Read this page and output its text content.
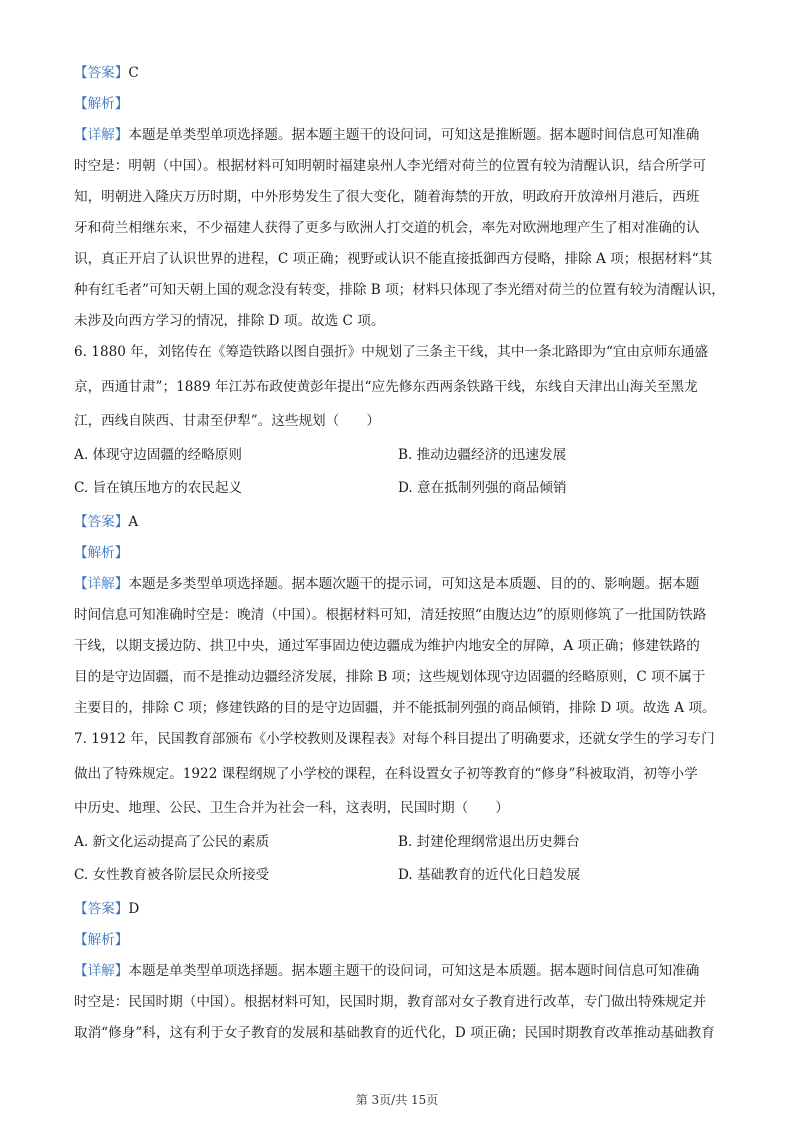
【答案】C
【解析】
【详解】本题是单类型单项选择题。据本题主题干的设问词，可知这是推断题。据本题时间信息可知准确
时空是：明朝（中国）。根据材料可知明朝时福建泉州人李光缙对荷兰的位置有较为清醒认识，结合所学可
知，明朝进入隆庆万历时期，中外形势发生了很大变化，随着海禁的开放，明政府开放漳州月港后，西班
牙和荷兰相继东来，不少福建人获得了更多与欧洲人打交道的机会，率先对欧洲地理产生了相对准确的认
识，真正开启了认识世界的进程，C 项正确；视野或认识不能直接抵御西方侵略，排除 A 项；根据材料“其
种有红毛者”可知天朝上国的观念没有转变，排除 B 项；材料只体现了李光缙对荷兰的位置有较为清醒认识，
未涉及向西方学习的情况，排除 D 项。故选 C 项。
6. 1880 年，刘铭传在《筹造铁路以图自强折》中规划了三条主干线，其中一条北路即为“宜由京师东通盛
京，西通甘肃”；1889 年江苏布政使黄彭年提出“应先修东西两条铁路干线，东线自天津出山海关至黑龙
江，西线自陕西、甘肃至伊犁”。这些规划（　　）
A. 体现守边固疆的经略原则	B. 推动边疆经济的迅速发展
C. 旨在镇压地方的农民起义	D. 意在抵制列强的商品倾销
【答案】A
【解析】
【详解】本题是多类型单项选择题。据本题次题干的提示词，可知这是本质题、目的的、影响题。据本题
时间信息可知准确时空是：晚清（中国）。根据材料可知，清廷按照“由腹达边”的原则修筑了一批国防铁路
干线，以期支援边防、拱卫中央，通过军事固边使边疆成为维护内地安全的屏障，A 项正确；修建铁路的
目的是守边固疆，而不是推动边疆经济发展，排除 B 项；这些规划体现守边固疆的经略原则，C 项不属于
主要目的，排除 C 项；修建铁路的目的是守边固疆，并不能抵制列强的商品倾销，排除 D 项。故选 A 项。
7. 1912 年，民国教育部颁布《小学校教则及课程表》对每个科目提出了明确要求，还就女学生的学习专门
做出了特殊规定。1922 课程纲规了小学校的课程，在科设置女子初等教育的“修身”科被取消，初等小学
中历史、地理、公民、卫生合并为社会一科，这表明，民国时期（　　）
A. 新文化运动提高了公民的素质	B. 封建伦理纲常退出历史舞台
C. 女性教育被各阶层民众所接受	D. 基础教育的近代化日趋发展
【答案】D
【解析】
【详解】本题是单类型单项选择题。据本题主题干的设问词，可知这是本质题。据本题时间信息可知准确
时空是：民国时期（中国）。根据材料可知，民国时期，教育部对女子教育进行改革，专门做出特殊规定并
取消“修身”科，这有利于女子教育的发展和基础教育的近代化，D 项正确；民国时期教育改革推动基础教育
第 3页/共 15页
